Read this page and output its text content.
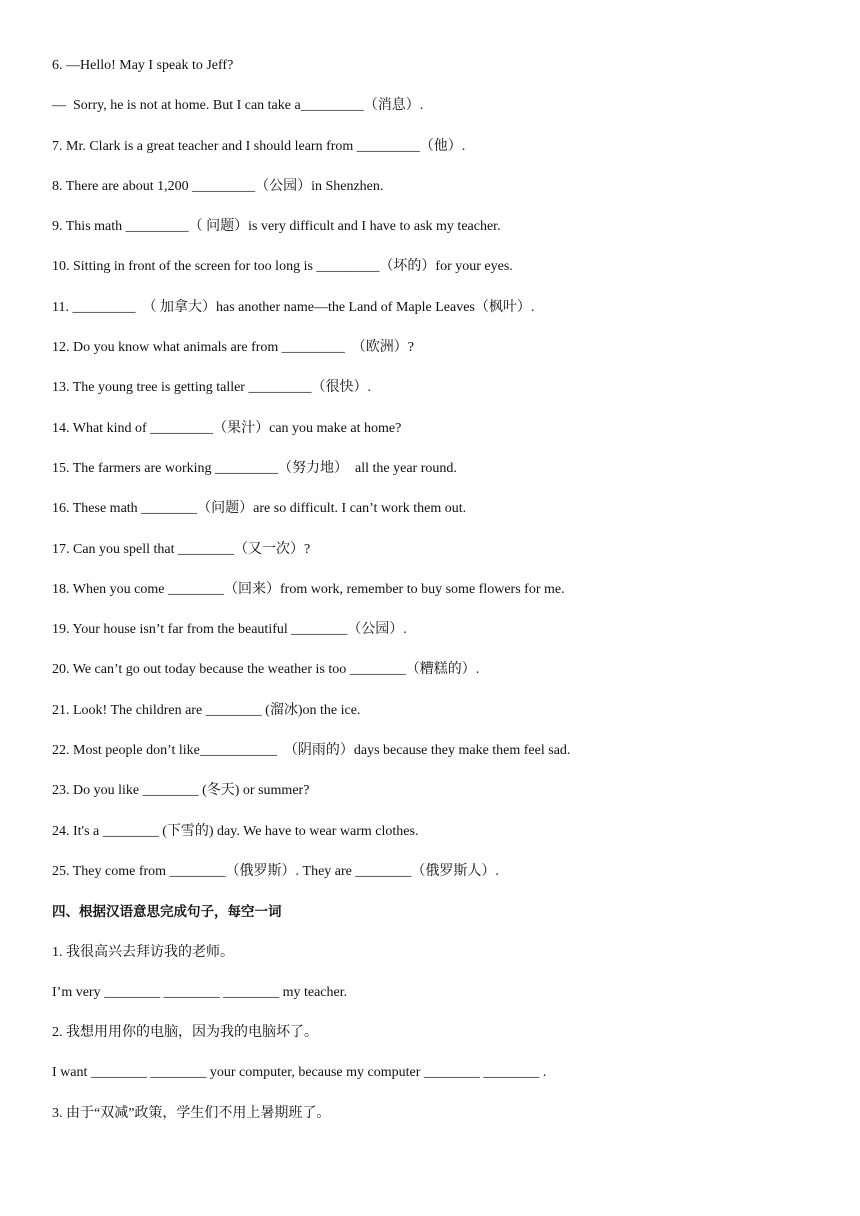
6. —Hello! May I speak to Jeff?
—  Sorry, he is not at home. But I can take a_________（消息）.
7. Mr. Clark is a great teacher and I should learn from _________（他）.
8. There are about 1,200 _________（公园）in Shenzhen.
9. This math _________（ 问题）is very difficult and I have to ask my teacher.
10. Sitting in front of the screen for too long is _________（坏的）for your eyes.
11. _________  （ 加拿大）has another name—the Land of Maple Leaves（枫叶）.
12. Do you know what animals are from _________  （欧洲）?
13. The young tree is getting taller _________（很快）.
14. What kind of _________（果汁）can you make at home?
15. The farmers are working _________（努力地）  all the year round.
16. These math ________（问题）are so difficult. I can’t work them out.
17. Can you spell that ________（又一次）?
18. When you come ________（回来）from work, remember to buy some flowers for me.
19. Your house isn’t far from the beautiful ________（公园）.
20. We can’t go out today because the weather is too ________（糟糕的）.
21. Look! The children are ________ (溜冰)on the ice.
22. Most people don’t like___________  （阴雨的）days because they make them feel sad.
23. Do you like ________ (冬天) or summer?
24. It's a ________ (下雪的) day. We have to wear warm clothes.
25. They come from ________（俄罗斯）. They are ________（俄罗斯人）.
四、根据汉语意思完成句子，每空一词
1. 我很高兴去拜访我的老师。
I’m very ________ ________ ________ my teacher.
2. 我想用用你的电脑，因为我的电脑坏了。
I want ________ ________ your computer, because my computer ________ ________ .
3. 由于“双减”政策，学生们不用上暑期班了。
